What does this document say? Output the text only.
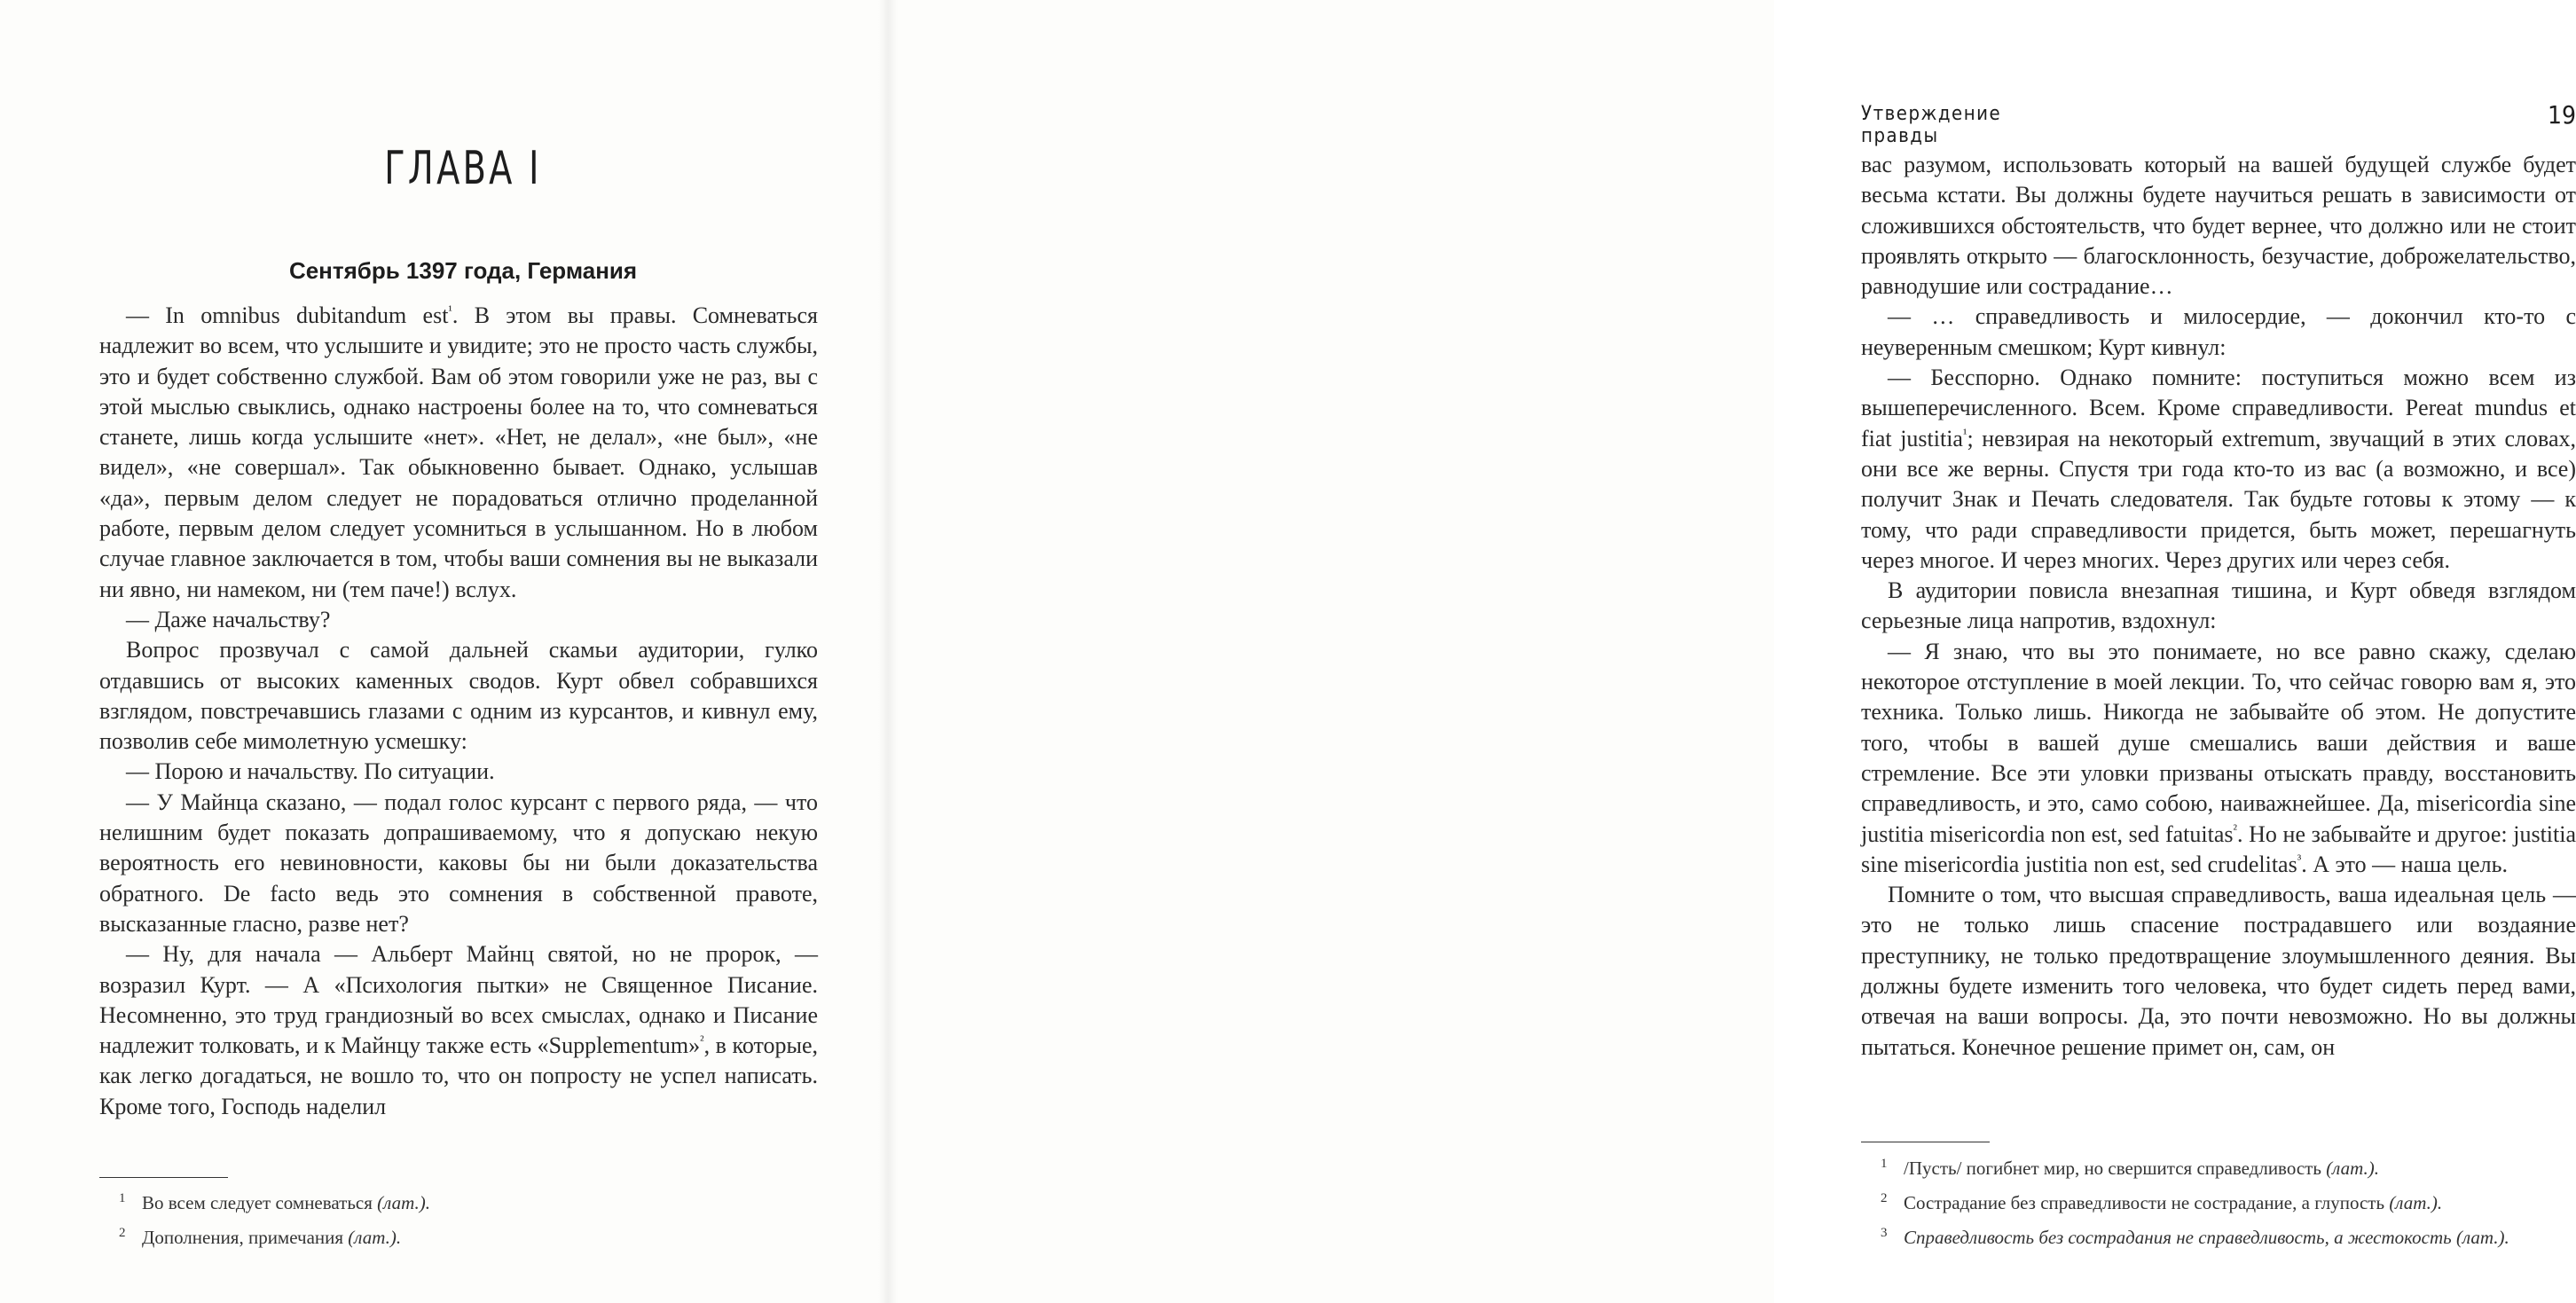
ГЛАВА I
Сентябрь 1397 года, Германия

— In omnibus dubitandum est$^{^1}$. В этом вы правы. Сомневаться надлежит во всем, что услышите и увидите; это не просто часть службы, это и будет собственно службой. Вам об этом говорили уже не раз, вы с этой мыслью свыклись, однако настроены более на то, что сомневаться станете, лишь когда услышите «нет». «Нет, не делал», «не был», «не видел», «не совершал». Так обыкновенно бывает. Однако, услышав «да», первым делом следует не порадоваться отлично проделанной работе, первым делом следует усомниться в услышанном. Но в любом случае главное заключается в том, чтобы ваши сомнения вы не выказали ни явно, ни намеком, ни (тем паче!) вслух.

— Даже начальству?

Вопрос прозвучал с самой дальней скамьи аудитории, гулко отдавшись от высоких каменных сводов. Курт обвел собравшихся взглядом, повстречавшись глазами с одним из курсантов, и кивнул ему, позволив себе мимолетную усмешку:

— Порою и начальству. По ситуации.

— У Майнца сказано, — подал голос курсант с первого ряда, — что нелишним будет показать допрашиваемому, что я допускаю некую вероятность его невиновности, каковы бы ни были доказательства обратного. De facto ведь это сомнения в собственной правоте, высказанные гласно, разве нет?

— Ну, для начала — Альберт Майнц святой, но не пророк, — возразил Курт. — А «Психология пытки» не Священное Писание. Несомненно, это труд грандиозный во всех смыслах, однако и Писание надлежит толковать, и к Майнцу также есть «Supplementum»$^{^2}$, в которые, как легко догадаться, не вошло то, что он попросту не успел написать. Кроме того, Господь наделил

1 Во всем следует сомневаться (лат.).
2 Дополнения, примечания (лат.).
Утверждение правды
19

вас разумом, использовать который на вашей будущей службе будет весьма кстати. Вы должны будете научиться решать в зависимости от сложившихся обстоятельств, что будет вернее, что должно или не стоит проявлять открыто — благосклонность, безучастие, доброжелательство, равнодушие или сострадание…

— … справедливость и милосердие, — докончил кто-то с неуверенным смешком; Курт кивнул:

— Бесспорно. Однако помните: поступиться можно всем из вышеперечисленного. Всем. Кроме справедливости. Pereat mundus et fiat justitia$^{^1}$; невзирая на некоторый extremum, звучащий в этих словах, они все же верны. Спустя три года кто-то из вас (а возможно, и все) получит Знак и Печать следователя. Так будьте готовы к этому — к тому, что ради справедливости придется, быть может, перешагнуть через многое. И через многих. Через других или через себя.

В аудитории повисла внезапная тишина, и Курт обведя взглядом серьезные лица напротив, вздохнул:

— Я знаю, что вы это понимаете, но все равно скажу, сделаю некоторое отступление в моей лекции. То, что сейчас говорю вам я, это техника. Только лишь. Никогда не забывайте об этом. Не допустите того, чтобы в вашей душе смешались ваши действия и ваше стремление. Все эти уловки призваны отыскать правду, восстановить справедливость, и это, само собою, наиважнейшее. Да, misericordia sine justitia misericordia non est, sed fatuitas$^{^2}$. Но не забывайте и другое: justitia sine misericordia justitia non est, sed crudelitas$^{^3}$. А это — наша цель.

Помните о том, что высшая справедливость, ваша идеальная цель — это не только лишь спасение пострадавшего или воздаяние преступнику, не только предотвращение злоумышленного деяния. Вы должны будете изменить того человека, что будет сидеть перед вами, отвечая на ваши вопросы. Да, это почти невозможно. Но вы должны пытаться. Конечное решение примет он, сам, он

1 /Пусть/ погибнет мир, но свершится справедливость (лат.).
2 Сострадание без справедливости не сострадание, а глупость (лат.).
3 Справедливость без сострадания не справедливость, а жестокость (лат.).
